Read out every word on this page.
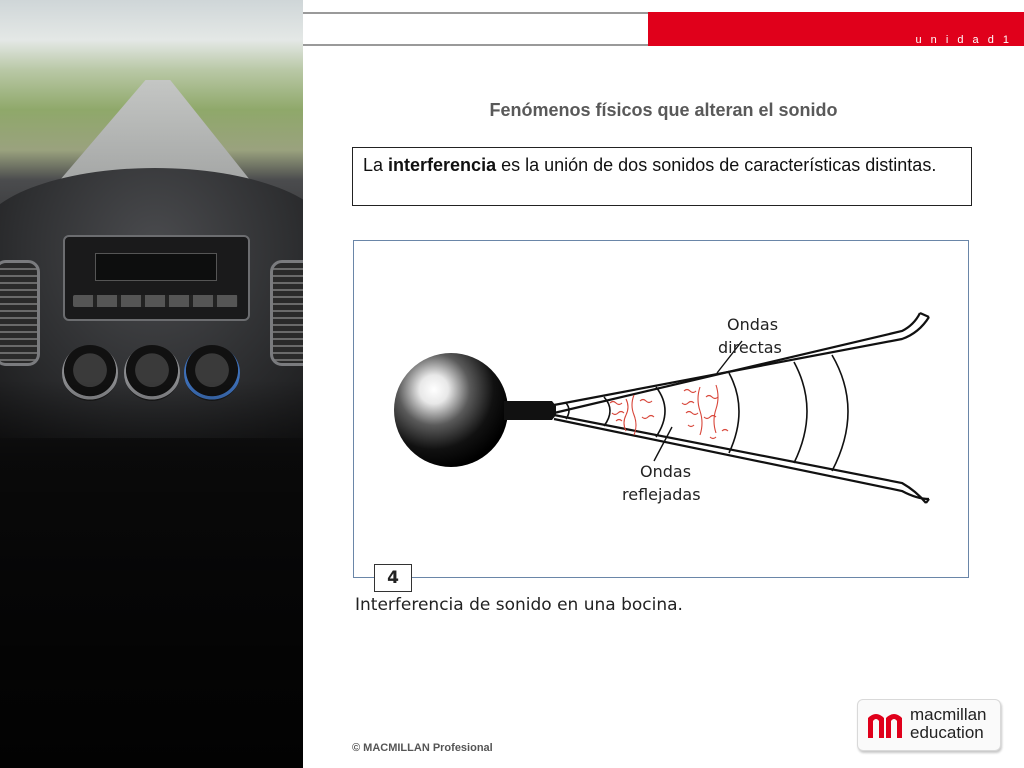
u n i d a d 1
Fenómenos físicos que alteran el sonido
La interferencia es la unión de dos sonidos de características distintas.
Ondas
directas
Ondas
reflejadas
4
Interferencia de sonido en una bocina.
© MACMILLAN Profesional
macmillan
education
